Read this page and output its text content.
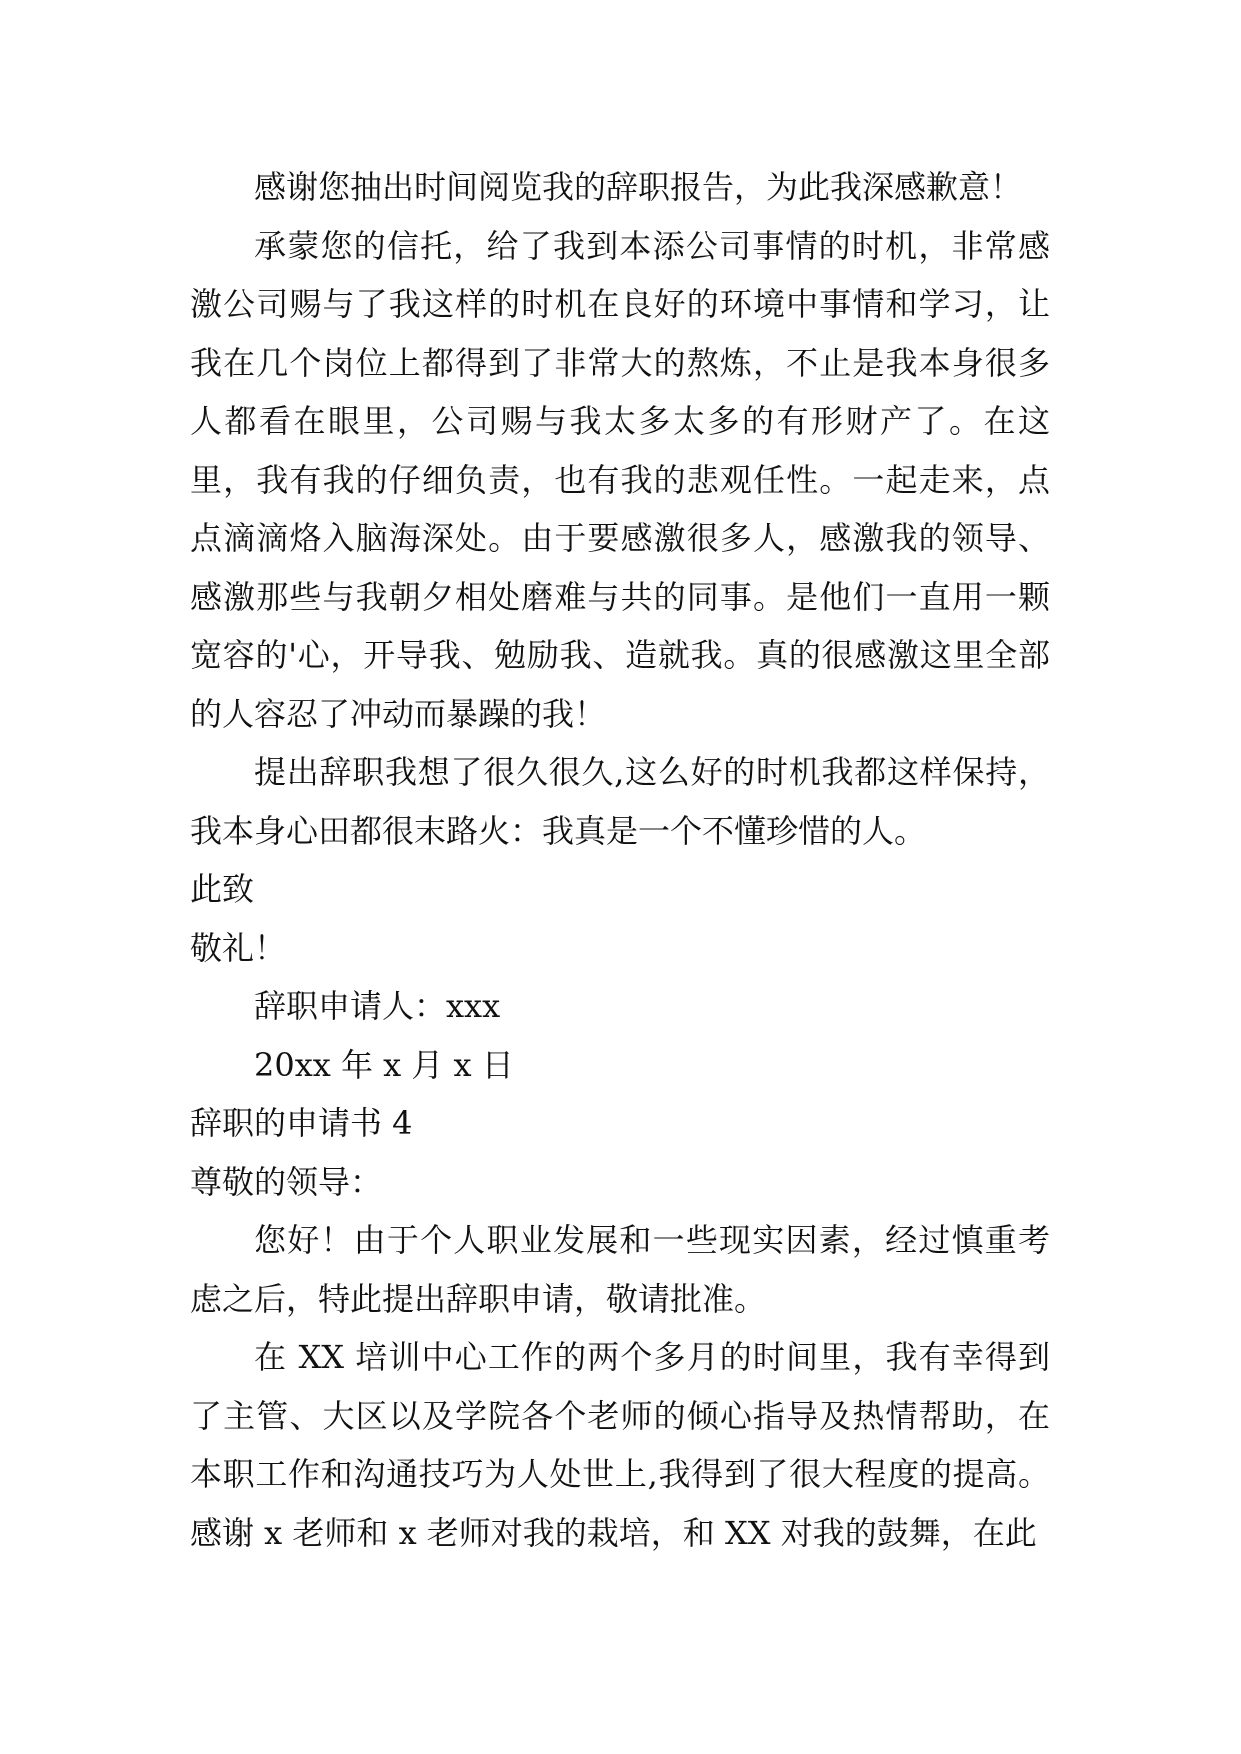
感谢您抽出时间阅览我的辞职报告，为此我深感歉意！

承蒙您的信托，给了我到本添公司事情的时机，非常感激公司赐与了我这样的时机在良好的环境中事情和学习，让我在几个岗位上都得到了非常大的熬炼，不止是我本身很多人都看在眼里，公司赐与我太多太多的有形财产了。在这里，我有我的仔细负责，也有我的悲观任性。一起走来，点点滴滴烙入脑海深处。由于要感激很多人，感激我的领导、感激那些与我朝夕相处磨难与共的同事。是他们一直用一颗宽容的'心，开导我、勉励我、造就我。真的很感激这里全部的人容忍了冲动而暴躁的我！

提出辞职我想了很久很久,这么好的时机我都这样保持，我本身心田都很末路火：我真是一个不懂珍惜的人。

此致

敬礼！

辞职申请人：xxx

20xx 年 x 月 x 日

辞职的申请书 4

尊敬的领导：

您好！由于个人职业发展和一些现实因素，经过慎重考虑之后，特此提出辞职申请，敬请批准。

在 XX 培训中心工作的两个多月的时间里，我有幸得到了主管、大区以及学院各个老师的倾心指导及热情帮助，在本职工作和沟通技巧为人处世上,我得到了很大程度的提高。感谢 x 老师和 x 老师对我的栽培，和 XX 对我的鼓舞，在此
